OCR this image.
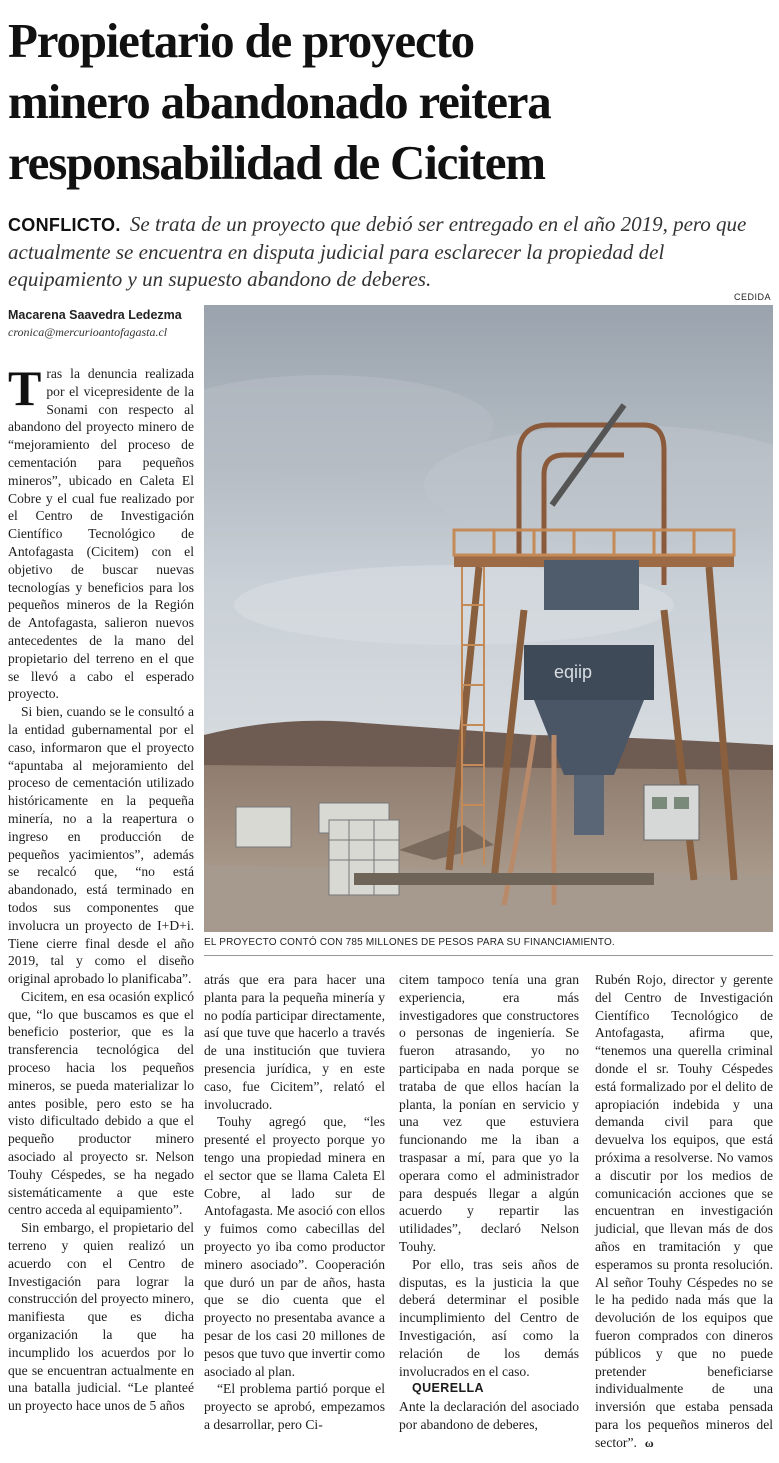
Propietario de proyecto
minero abandonado reitera
responsabilidad de Cicitem
CONFLICTO. Se trata de un proyecto que debió ser entregado en el año 2019, pero que actualmente se encuentra en disputa judicial para esclarecer la propiedad del equipamiento y un supuesto abandono de deberes.
CEDIDA
Macarena Saavedra Ledezma
cronica@mercurioantofagasta.cl
eqiip
EL PROYECTO CONTÓ CON 785 MILLONES DE PESOS PARA SU FINANCIAMIENTO.

Tras la denuncia realizada por el vicepresidente de la Sonami con respecto al abandono del proyecto minero de “mejoramiento del proceso de cementación para pequeños mineros”, ubicado en Caleta El Cobre y el cual fue realizado por el Centro de Investigación Científico Tecnológico de Antofagasta (Cicitem) con el objetivo de buscar nuevas tecnologías y beneficios para los pequeños mineros de la Región de Antofagasta, salieron nuevos antecedentes de la mano del propietario del terreno en el que se llevó a cabo el esperado proyecto.

Si bien, cuando se le consultó a la entidad gubernamental por el caso, informaron que el proyecto “apuntaba al mejoramiento del proceso de cementación utilizado históricamente en la pequeña minería, no a la reapertura o ingreso en producción de pequeños yacimientos”, además se recalcó que, “no está abandonado, está terminado en todos sus componentes que involucra un proyecto de I+D+i. Tiene cierre final desde el año 2019, tal y como el diseño original aprobado lo planificaba”.

Cicitem, en esa ocasión explicó que, “lo que buscamos es que el beneficio posterior, que es la transferencia tecnológica del proceso hacia los pequeños mineros, se pueda materializar lo antes posible, pero esto se ha visto dificultado debido a que el pequeño productor minero asociado al proyecto sr. Nelson Touhy Céspedes, se ha negado sistemáticamente a que este centro acceda al equipamiento”.

Sin embargo, el propietario del terreno y quien realizó un acuerdo con el Centro de Investigación para lograr la construcción del proyecto minero, manifiesta que es dicha organización la que ha incumplido los acuerdos por lo que se encuentran actualmente en una batalla judicial. “Le planteé un proyecto hace unos de 5 años

atrás que era para hacer una planta para la pequeña minería y no podía participar directamente, así que tuve que hacerlo a través de una institución que tuviera presencia jurídica, y en este caso, fue Cicitem”, relató el involucrado.

Touhy agregó que, “les presenté el proyecto porque yo tengo una propiedad minera en el sector que se llama Caleta El Cobre, al lado sur de Antofagasta. Me asoció con ellos y fuimos como cabecillas del proyecto yo iba como productor minero asociado”. Cooperación que duró un par de años, hasta que se dio cuenta que el proyecto no presentaba avance a pesar de los casi 20 millones de pesos que tuvo que invertir como asociado al plan.

“El problema partió porque el proyecto se aprobó, empezamos a desarrollar, pero Ci-

citem tampoco tenía una gran experiencia, era más investigadores que constructores o personas de ingeniería. Se fueron atrasando, yo no participaba en nada porque se trataba de que ellos hacían la planta, la ponían en servicio y una vez que estuviera funcionando me la iban a traspasar a mí, para que yo la operara como el administrador para después llegar a algún acuerdo y repartir las utilidades”, declaró Nelson Touhy.

Por ello, tras seis años de disputas, es la justicia la que deberá determinar el posible incumplimiento del Centro de Investigación, así como la relación de los demás involucrados en el caso.

QUERELLA

Ante la declaración del asociado por abandono de deberes,

Rubén Rojo, director y gerente del Centro de Investigación Científico Tecnológico de Antofagasta, afirma que, “tenemos una querella criminal donde el sr. Touhy Céspedes está formalizado por el delito de apropiación indebida y una demanda civil para que devuelva los equipos, que está próxima a resolverse. No vamos a discutir por los medios de comunicación acciones que se encuentran en investigación judicial, que llevan más de dos años en tramitación y que esperamos su pronta resolución. Al señor Touhy Céspedes no se le ha pedido nada más que la devolución de los equipos que fueron comprados con dineros públicos y que no puede pretender beneficiarse individualmente de una inversión que estaba pensada para los pequeños mineros del sector”. ω
